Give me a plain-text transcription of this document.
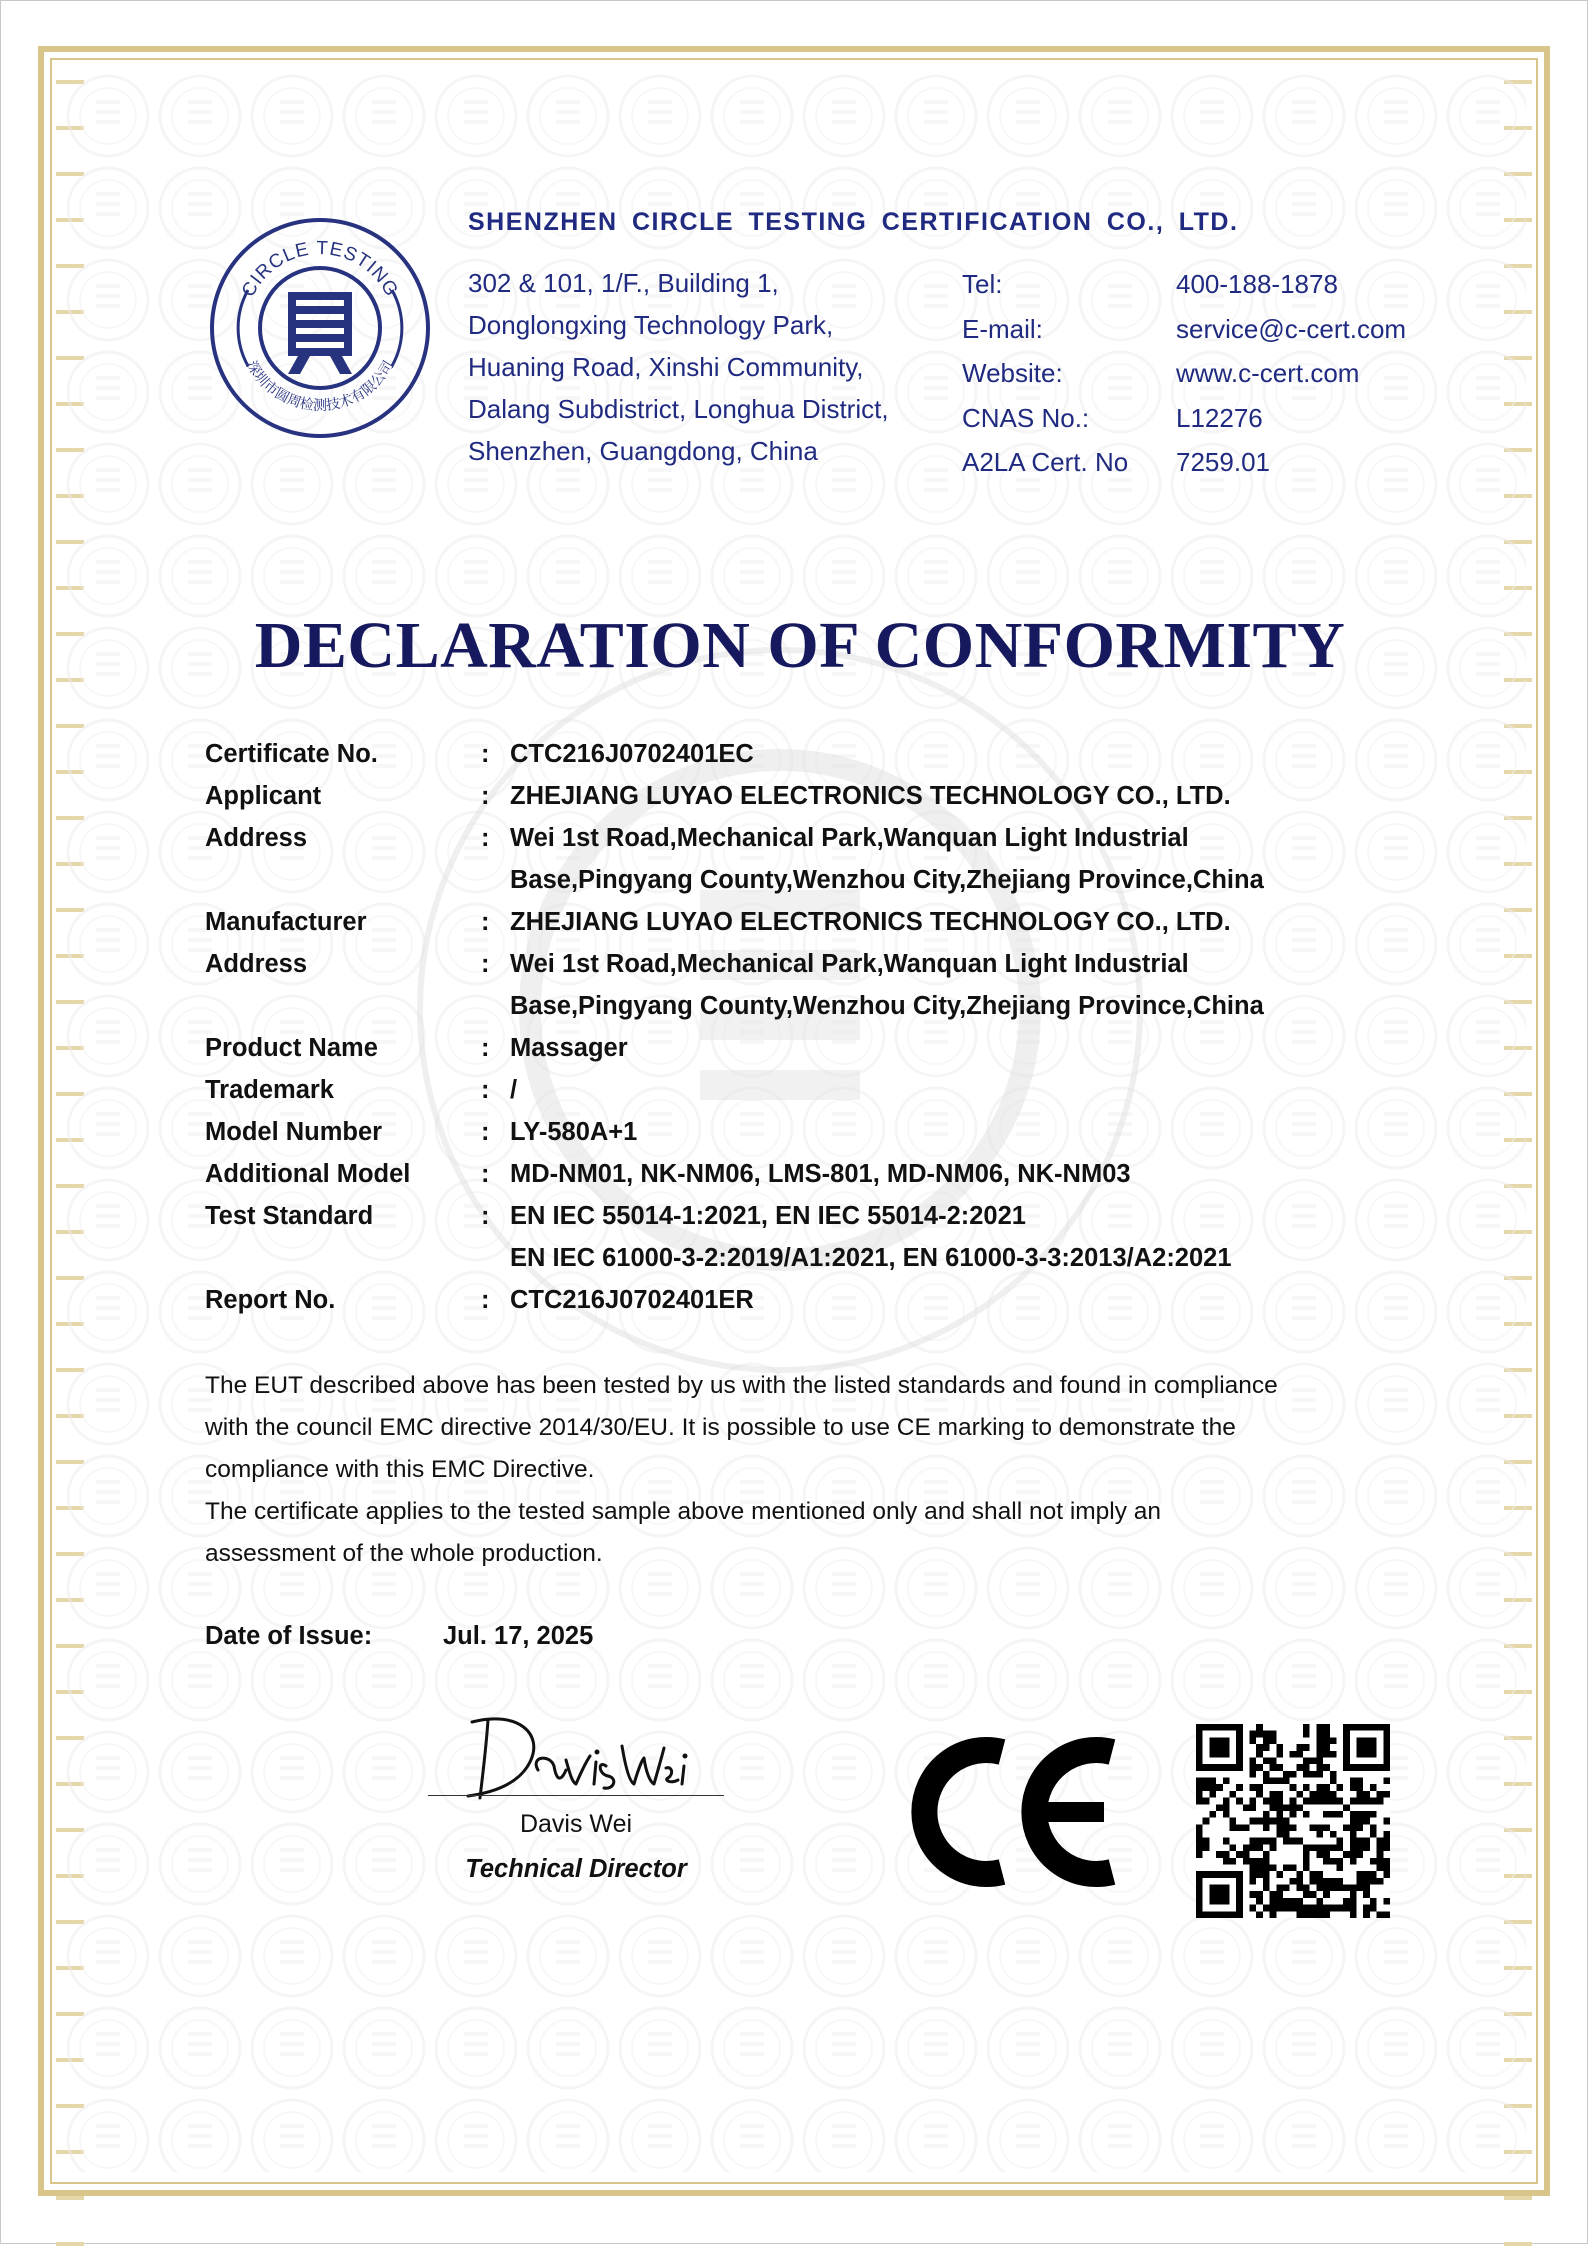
CIRCLE TESTING
深圳市圆周检测技术有限公司
SHENZHEN CIRCLE TESTING CERTIFICATION CO., LTD.
302 & 101, 1/F., Building 1,
Donglongxing Technology Park,
Huaning Road, Xinshi Community,
Dalang Subdistrict, Longhua District,
Shenzhen, Guangdong, China
Tel:	400-188-1878
E-mail:	service@c-cert.com
Website:	www.c-cert.com
CNAS No.:	L12276
A2LA Cert. No	7259.01
DECLARATION OF CONFORMITY
Certificate No.	: CTC216J0702401EC
Applicant	: ZHEJIANG LUYAO ELECTRONICS TECHNOLOGY CO., LTD.
Address	: Wei 1st Road,Mechanical Park,Wanquan Light Industrial
Base,Pingyang County,Wenzhou City,Zhejiang Province,China
Manufacturer	: ZHEJIANG LUYAO ELECTRONICS TECHNOLOGY CO., LTD.
Address	: Wei 1st Road,Mechanical Park,Wanquan Light Industrial
Base,Pingyang County,Wenzhou City,Zhejiang Province,China
Product Name	: Massager
Trademark	: /
Model Number	: LY-580A+1
Additional Model	: MD-NM01, NK-NM06, LMS-801, MD-NM06, NK-NM03
Test Standard	: EN IEC 55014-1:2021, EN IEC 55014-2:2021
EN IEC 61000-3-2:2019/A1:2021, EN 61000-3-3:2013/A2:2021
Report No.	: CTC216J0702401ER
The EUT described above has been tested by us with the listed standards and found in compliance
with the council EMC directive 2014/30/EU. It is possible to use CE marking to demonstrate the
compliance with this EMC Directive.
The certificate applies to the tested sample above mentioned only and shall not imply an
assessment of the whole production.
Date of Issue:	Jul. 17, 2025
Davis Wei
Technical Director
